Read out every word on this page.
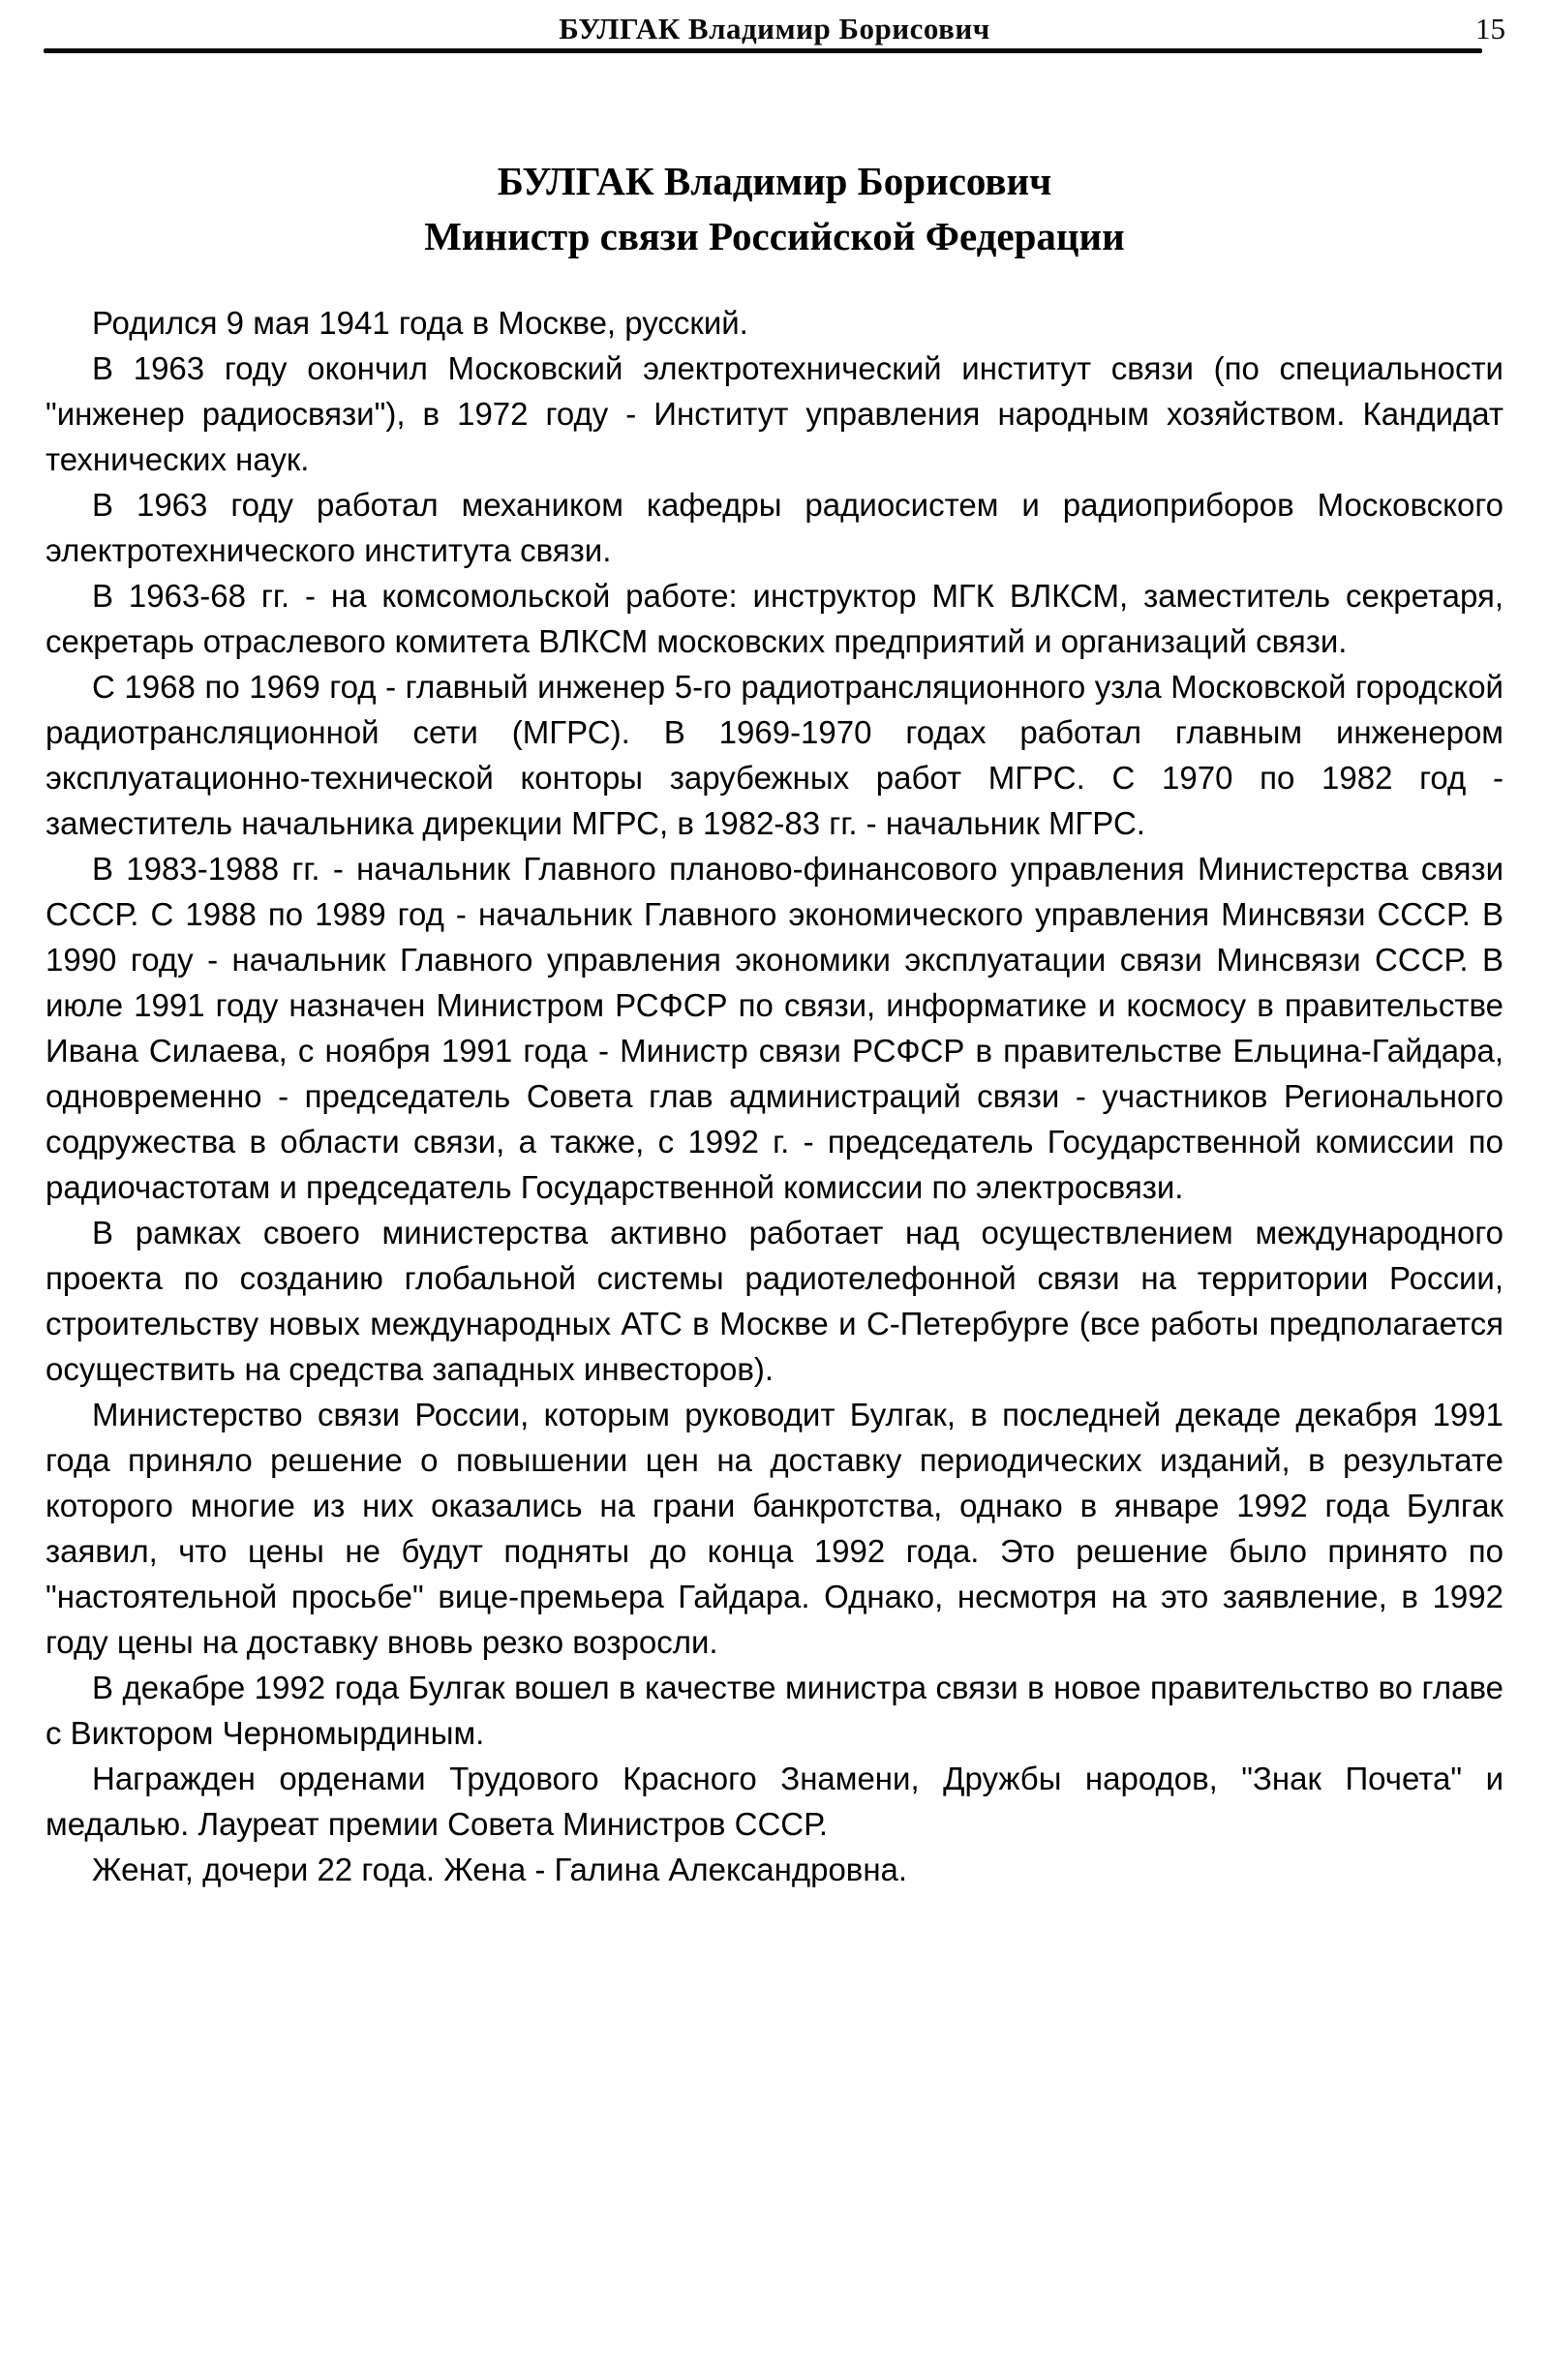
БУЛГАК Владимир Борисович	15
БУЛГАК Владимир Борисович
Министр связи Российской Федерации

Родился 9 мая 1941 года в Москве, русский.

В 1963 году окончил Московский электротехнический институт связи (по специальности "инженер радиосвязи"), в 1972 году - Институт управления народным хозяйством. Кандидат технических наук.

В 1963 году работал механиком кафедры радиосистем и радиоприборов Московского электротехнического института связи.

В 1963-68 гг. - на комсомольской работе: инструктор МГК ВЛКСМ, заместитель секретаря, секретарь отраслевого комитета ВЛКСМ московских предприятий и организаций связи.

С 1968 по 1969 год - главный инженер 5-го радиотрансляционного узла Московской городской радиотрансляционной сети (МГРС). В 1969-1970 годах работал главным инженером эксплуатационно-технической конторы зарубежных работ МГРС. С 1970 по 1982 год - заместитель начальника дирекции МГРС, в 1982-83 гг. - начальник МГРС.

В 1983-1988 гг. - начальник Главного планово-финансового управления Министерства связи СССР. С 1988 по 1989 год - начальник Главного экономического управления Минсвязи СССР. В 1990 году - начальник Главного управления экономики эксплуатации связи Минсвязи СССР. В июле 1991 году назначен Министром РСФСР по связи, информатике и космосу в правительстве Ивана Силаева, с ноября 1991 года - Министр связи РСФСР в правительстве Ельцина-Гайдара, одновременно - председатель Совета глав администраций связи - участников Регионального содружества в области связи, а также, с 1992 г. - председатель Государственной комиссии по радиочастотам и председатель Государственной комиссии по электросвязи.

В рамках своего министерства активно работает над осуществлением международного проекта по созданию глобальной системы радиотелефонной связи на территории России, строительству новых международных АТС в Москве и С-Петербурге (все работы предполагается осуществить на средства западных инвесторов).

Министерство связи России, которым руководит Булгак, в последней декаде декабря 1991 года приняло решение о повышении цен на доставку периодических изданий, в результате которого многие из них оказались на грани банкротства, однако в январе 1992 года Булгак заявил, что цены не будут подняты до конца 1992 года. Это решение было принято по "настоятельной просьбе" вице-премьера Гайдара. Однако, несмотря на это заявление, в 1992 году цены на доставку вновь резко возросли.

В декабре 1992 года Булгак вошел в качестве министра связи в новое правительство во главе с Виктором Черномырдиным.

Награжден орденами Трудового Красного Знамени, Дружбы народов, "Знак Почета" и медалью. Лауреат премии Совета Министров СССР.

Женат, дочери 22 года. Жена - Галина Александровна.
